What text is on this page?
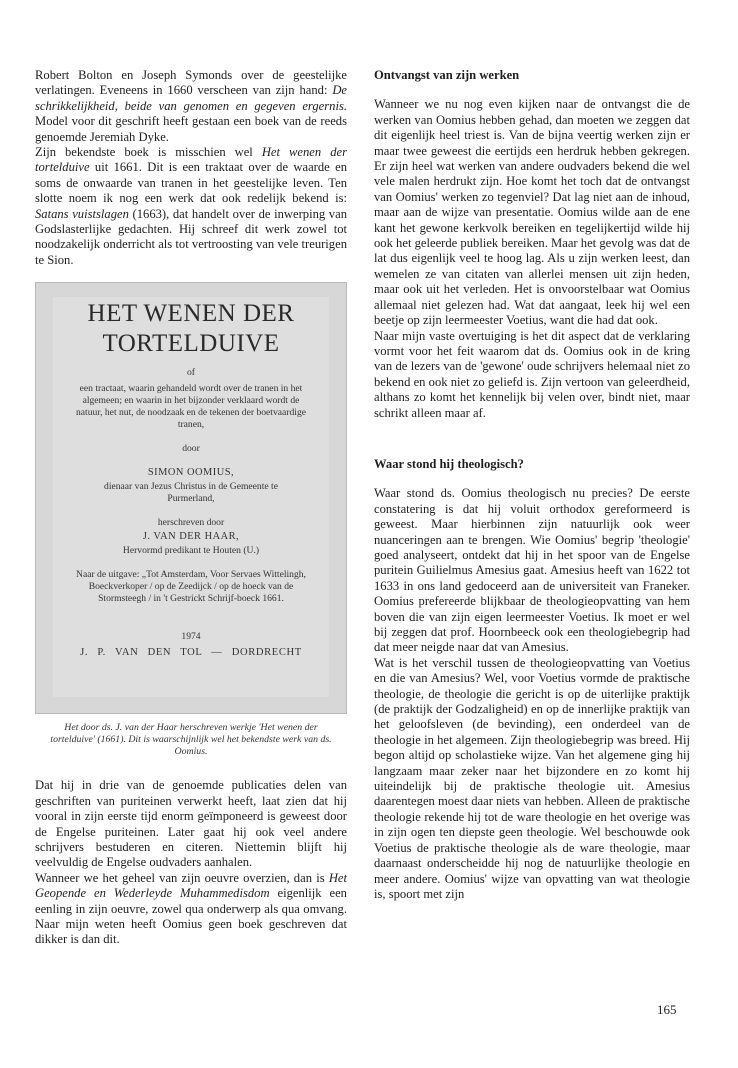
Robert Bolton en Joseph Symonds over de geestelijke verlatingen. Eveneens in 1660 verscheen van zijn hand: De schrikkelijkheid, beide van genomen en gegeven ergernis. Model voor dit geschrift heeft gestaan een boek van de reeds genoemde Jeremiah Dyke.

Zijn bekendste boek is misschien wel Het wenen der tortelduive uit 1661. Dit is een traktaat over de waarde en soms de onwaarde van tranen in het geestelijke leven. Ten slotte noem ik nog een werk dat ook redelijk bekend is: Satans vuistslagen (1663), dat handelt over de inwerping van Godslasterlijke gedachten. Hij schreef dit werk zowel tot noodzakelijk onderricht als tot vertroosting van vele treurigen te Sion.

HET WENEN DER TORTELDUIVE
of
een tractaat, waarin gehandeld wordt over de tranen in het algemeen; en waarin in het bijzonder verklaard wordt de natuur, het nut, de noodzaak en de tekenen der boetvaardige tranen,
door
SIMON OOMIUS,
dienaar van Jezus Christus in de Gemeente te Purmerland,
herschreven door
J. VAN DER HAAR,
Hervormd predikant te Houten (U.)
Naar de uitgave: „Tot Amsterdam, Voor Servaes Wittelingh, Boeckverkoper / op de Zeedijck / op de hoeck van de Stormsteegh / in 't Gestrickt Schrijf-boeck 1661.
1974
J. P. VAN DEN TOL — DORDRECHT
Het door ds. J. van der Haar herschreven werkje 'Het wenen der tortelduive' (1661). Dit is waarschijnlijk wel het bekendste werk van ds. Oomius.

Dat hij in drie van de genoemde publicaties delen van geschriften van puriteinen verwerkt heeft, laat zien dat hij vooral in zijn eerste tijd enorm geïmponeerd is geweest door de Engelse puriteinen. Later gaat hij ook veel andere schrijvers bestuderen en citeren. Niettemin blijft hij veelvuldig de Engelse oudvaders aanhalen.

Wanneer we het geheel van zijn oeuvre overzien, dan is Het Geopende en Wederleyde Muhammedisdom eigenlijk een eenling in zijn oeuvre, zowel qua onderwerp als qua omvang. Naar mijn weten heeft Oomius geen boek geschreven dat dikker is dan dit.

Ontvangst van zijn werken

Wanneer we nu nog even kijken naar de ontvangst die de werken van Oomius hebben gehad, dan moeten we zeggen dat dit eigenlijk heel triest is. Van de bijna veertig werken zijn er maar twee geweest die eertijds een herdruk hebben gekregen. Er zijn heel wat werken van andere oudvaders bekend die wel vele malen herdrukt zijn. Hoe komt het toch dat de ontvangst van Oomius' werken zo tegenviel? Dat lag niet aan de inhoud, maar aan de wijze van presentatie. Oomius wilde aan de ene kant het gewone kerkvolk bereiken en tegelijkertijd wilde hij ook het geleerde publiek bereiken. Maar het gevolg was dat de lat dus eigenlijk veel te hoog lag. Als u zijn werken leest, dan wemelen ze van citaten van allerlei mensen uit zijn heden, maar ook uit het verleden. Het is onvoorstelbaar wat Oomius allemaal niet gelezen had. Wat dat aangaat, leek hij wel een beetje op zijn leermeester Voetius, want die had dat ook.

Naar mijn vaste overtuiging is het dit aspect dat de verklaring vormt voor het feit waarom dat ds. Oomius ook in de kring van de lezers van de 'gewone' oude schrijvers helemaal niet zo bekend en ook niet zo geliefd is. Zijn vertoon van geleerdheid, althans zo komt het kennelijk bij velen over, bindt niet, maar schrikt alleen maar af.

Waar stond hij theologisch?

Waar stond ds. Oomius theologisch nu precies? De eerste constatering is dat hij voluit orthodox gereformeerd is geweest. Maar hierbinnen zijn natuurlijk ook weer nuanceringen aan te brengen. Wie Oomius' begrip 'theologie' goed analyseert, ontdekt dat hij in het spoor van de Engelse puritein Guilielmus Amesius gaat. Amesius heeft van 1622 tot 1633 in ons land gedoceerd aan de universiteit van Franeker. Oomius prefereerde blijkbaar de theologieopvatting van hem boven die van zijn eigen leermeester Voetius. Ik moet er wel bij zeggen dat prof. Hoornbeeck ook een theologiebegrip had dat meer neigde naar dat van Amesius.

Wat is het verschil tussen de theologieopvatting van Voetius en die van Amesius? Wel, voor Voetius vormde de praktische theologie, de theologie die gericht is op de uiterlijke praktijk (de praktijk der Godzaligheid) en op de innerlijke praktijk van het geloofsleven (de bevinding), een onderdeel van de theologie in het algemeen. Zijn theologiebegrip was breed. Hij begon altijd op scholastieke wijze. Van het algemene ging hij langzaam maar zeker naar het bijzondere en zo komt hij uiteindelijk bij de praktische theologie uit. Amesius daarentegen moest daar niets van hebben. Alleen de praktische theologie rekende hij tot de ware theologie en het overige was in zijn ogen ten diepste geen theologie. Wel beschouwde ook Voetius de praktische theologie als de ware theologie, maar daarnaast onderscheidde hij nog de natuurlijke theologie en meer andere. Oomius' wijze van opvatting van wat theologie is, spoort met zijn

165
